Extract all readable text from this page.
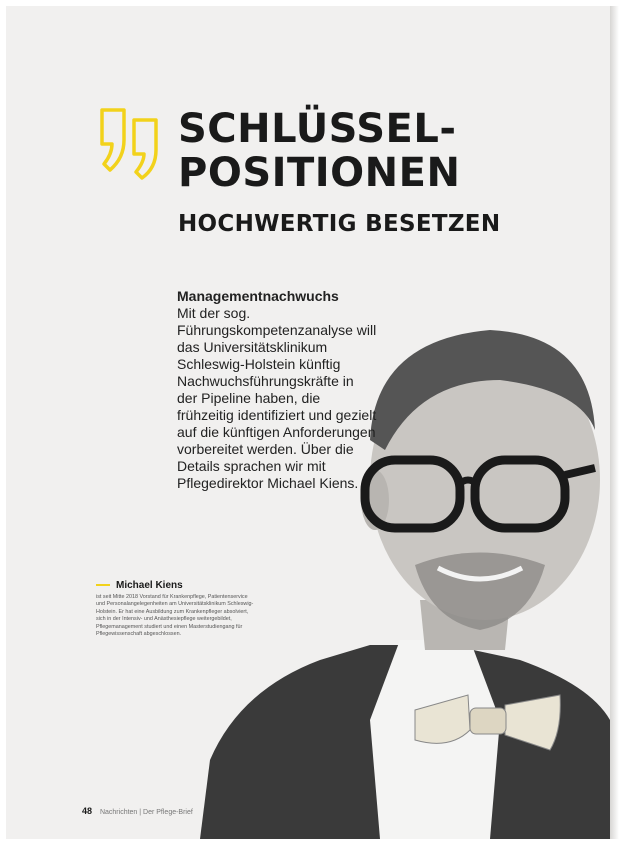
SCHLÜSSEL-
POSITIONEN
HOCHWERTIG BESETZEN

Managementnachwuchs

Mit der sog. Führungskompetenzanalyse will das Universitätsklinikum Schleswig-Holstein künftig Nachwuchsführungskräfte in der Pipeline haben, die frühzeitig identifiziert und gezielt auf die künftigen Anforderungen vorbereitet werden. Über die Details sprachen wir mit Pflegedirektor Michael Kiens.

Michael Kiens

ist seit Mitte 2018 Vorstand für Krankenpflege, Patientenservice und Personalangelegenheiten am Universitätsklinikum Schleswig-Holstein. Er hat eine Ausbildung zum Krankenpfleger absolviert, sich in der Intensiv- und Anästhesiepflege weitergebildet, Pflegemanagement studiert und einen Masterstudiengang für Pflegewissenschaft abgeschlossen.

48 Nachrichten | Der Pflege-Brief
